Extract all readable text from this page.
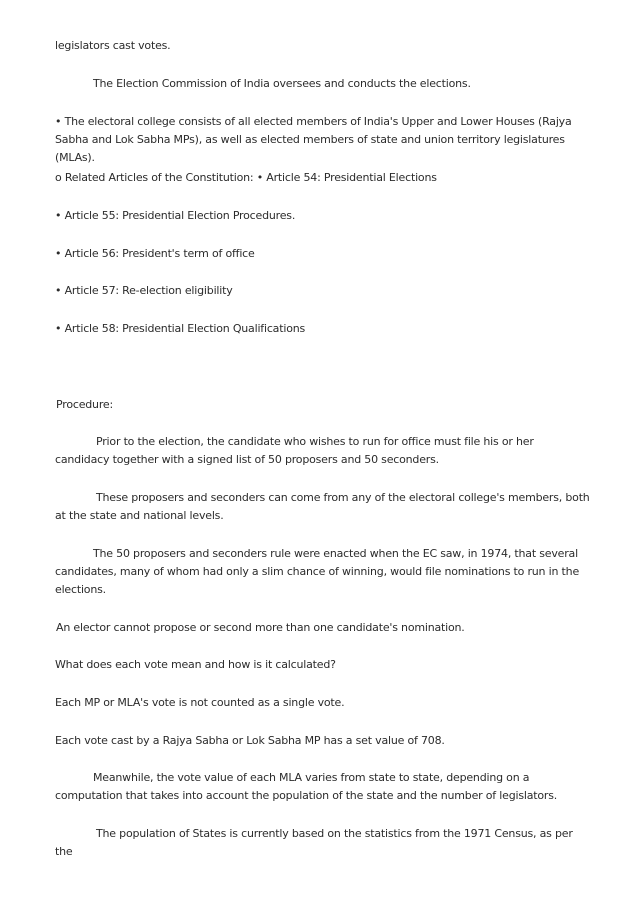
legislators cast votes.
The Election Commission of India oversees and conducts the elections.
• The electoral college consists of all elected members of India's Upper and Lower Houses (Rajya Sabha and Lok Sabha MPs), as well as elected members of state and union territory legislatures (MLAs).
o Related Articles of the Constitution: • Article 54: Presidential Elections
• Article 55: Presidential Election Procedures.
• Article 56: President's term of office
• Article 57: Re-election eligibility
• Article 58: Presidential Election Qualifications
Procedure:
Prior to the election, the candidate who wishes to run for office must file his or her candidacy together with a signed list of 50 proposers and 50 seconders.
These proposers and seconders can come from any of the electoral college's members, both at the state and national levels.
The 50 proposers and seconders rule were enacted when the EC saw, in 1974, that several candidates, many of whom had only a slim chance of winning, would file nominations to run in the elections.
An elector cannot propose or second more than one candidate's nomination.
What does each vote mean and how is it calculated?
Each MP or MLA's vote is not counted as a single vote.
Each vote cast by a Rajya Sabha or Lok Sabha MP has a set value of 708.
Meanwhile, the vote value of each MLA varies from state to state, depending on a computation that takes into account the population of the state and the number of legislators.
The population of States is currently based on the statistics from the 1971 Census, as per the
